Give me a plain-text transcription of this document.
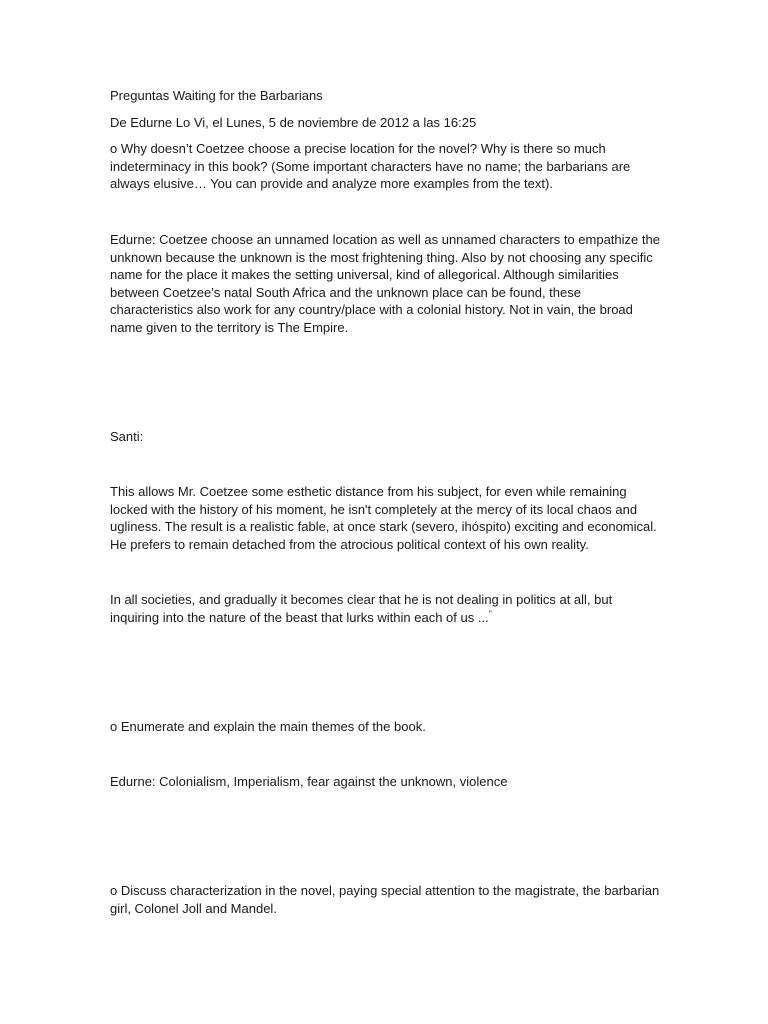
Preguntas Waiting for the Barbarians

De Edurne Lo Vi, el Lunes, 5 de noviembre de 2012 a las 16:25

o Why doesn’t Coetzee choose a precise location for the novel? Why is there so much indeterminacy in this book? (Some important characters have no name; the barbarians are always elusive… You can provide and analyze more examples from the text).

Edurne: Coetzee choose an unnamed location as well as unnamed characters to empathize the unknown because the unknown is the most frightening thing. Also by not choosing any specific name for the place it makes the setting universal, kind of allegorical. Although similarities between Coetzee’s natal South Africa and the unknown place can be found, these characteristics also work for any country/place with a colonial history. Not in vain, the broad name given to the territory is The Empire.

Santi:

This allows Mr. Coetzee some esthetic distance from his subject, for even while remaining locked with the history of his moment, he isn't completely at the mercy of its local chaos and ugliness. The result is a realistic fable, at once stark (severo, ihóspito) exciting and economical. He prefers to remain detached from the atrocious political context of his own reality.

In all societies, and gradually it becomes clear that he is not dealing in politics at all, but inquiring into the nature of the beast that lurks within each of us ...''

o Enumerate and explain the main themes of the book.

Edurne: Colonialism, Imperialism, fear against the unknown, violence

o Discuss characterization in the novel, paying special attention to the magistrate, the barbarian girl, Colonel Joll and Mandel.
